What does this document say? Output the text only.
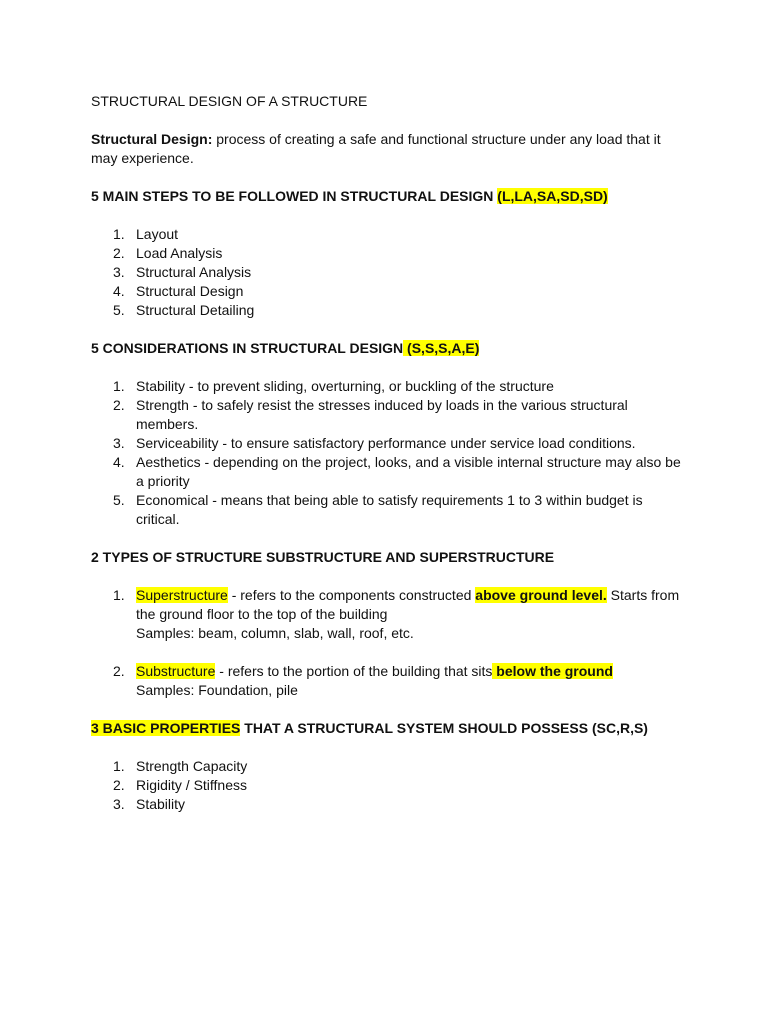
STRUCTURAL DESIGN OF A STRUCTURE
Structural Design: process of creating a safe and functional structure under any load that it may experience.
5 MAIN STEPS TO BE FOLLOWED IN STRUCTURAL DESIGN (L,LA,SA,SD,SD)
1. Layout
2. Load Analysis
3. Structural Analysis
4. Structural Design
5. Structural Detailing
5 CONSIDERATIONS IN STRUCTURAL DESIGN (S,S,S,A,E)
1. Stability - to prevent sliding, overturning, or buckling of the structure
2. Strength - to safely resist the stresses induced by loads in the various structural members.
3. Serviceability - to ensure satisfactory performance under service load conditions.
4. Aesthetics - depending on the project, looks, and a visible internal structure may also be a priority
5. Economical - means that being able to satisfy requirements 1 to 3 within budget is critical.
2 TYPES OF STRUCTURE SUBSTRUCTURE AND SUPERSTRUCTURE
1. Superstructure - refers to the components constructed above ground level. Starts from the ground floor to the top of the building
Samples: beam, column, slab, wall, roof, etc.
2. Substructure - refers to the portion of the building that sits below the ground
Samples: Foundation, pile
3 BASIC PROPERTIES THAT A STRUCTURAL SYSTEM SHOULD POSSESS (SC,R,S)
1. Strength Capacity
2. Rigidity / Stiffness
3. Stability
